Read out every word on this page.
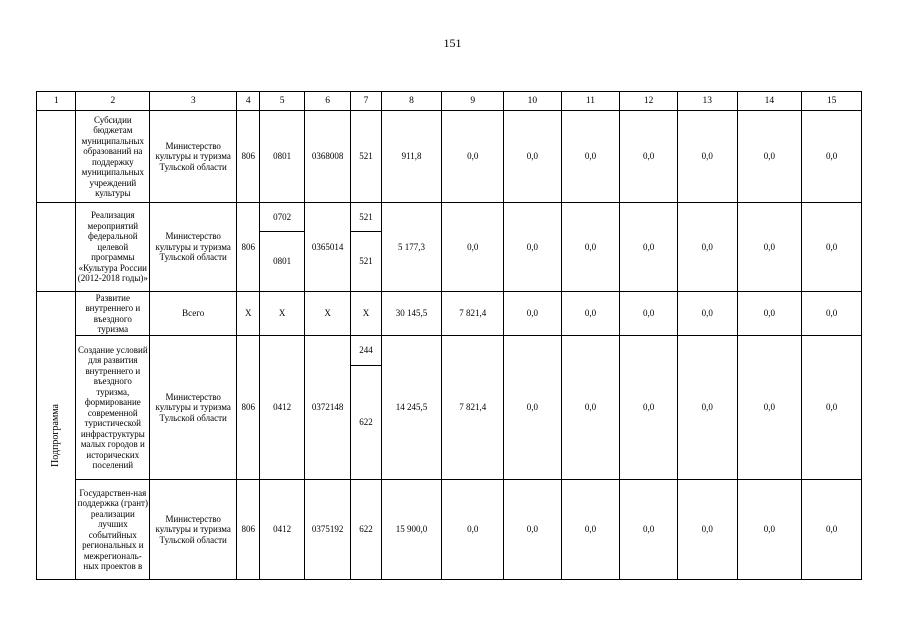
151
1	2	3	4	5	6	7	8	9	10	11	12	13	14	15
	Субсидии бюджетам муниципальных образований на поддержку муниципальных учреждений культуры	Министерство культуры и туризма Тульской области	806	0801	0368008	521	911,8	0,0	0,0	0,0	0,0	0,0	0,0	0,0
	Реализация мероприятий федеральной целевой программы «Культура России (2012-2018 годы)»	Министерство культуры и туризма Тульской области	806	0702	0365014	521	5 177,3	0,0	0,0	0,0	0,0	0,0	0,0	0,0
				0801		521								

Подпрограмма	Развитие внутреннего и въездного туризма	Всего	Х	Х	Х	Х	30 145,5	7 821,4	0,0	0,0	0,0	0,0	0,0	0,0
	Создание условий для развития внутреннего и въездного туризма, формирование современной туристической инфраструктуры малых городов и исторических поселений	Министерство культуры и туризма Тульской области	806	0412	0372148	244	14 245,5	7 821,4	0,0	0,0	0,0	0,0	0,0	0,0
						622								
	Государствен-ная поддержка (грант) реализации лучших событийных региональных и межрегиональ-ных проектов в	Министерство культуры и туризма Тульской области	806	0412	0375192	622	15 900,0	0,0	0,0	0,0	0,0	0,0	0,0	0,0
